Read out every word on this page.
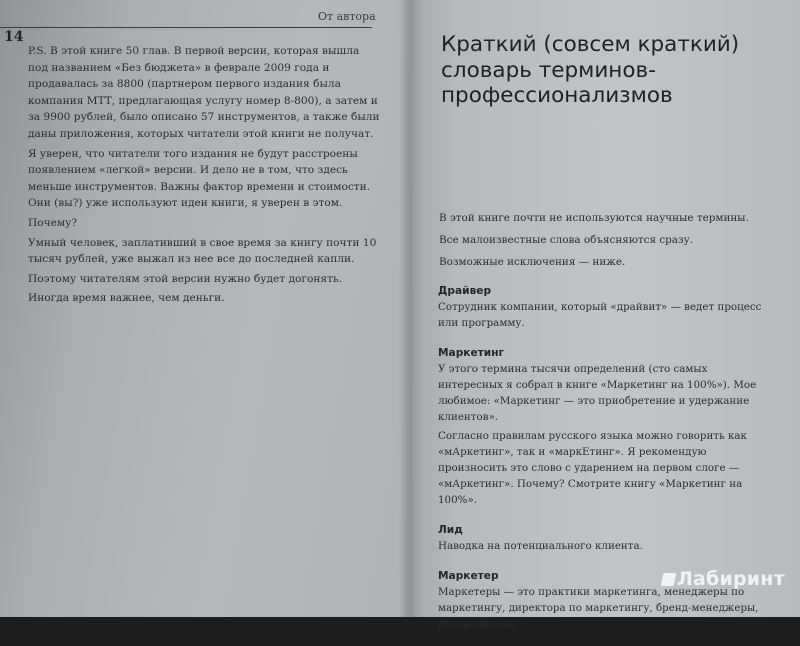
От автора
14

P.S. В этой книге 50 глав. В первой версии, которая вышла под названием «Без бюджета» в феврале 2009 года и продавалась за 8800 (партнером первого издания была компания МТТ, предлагающая услугу номер 8-800), а затем и за 9900 рублей, было описано 57 инструментов, а также были даны приложения, которых читатели этой книги не получат.

Я уверен, что читатели того издания не будут расстроены появлением «легкой» версии. И дело не в том, что здесь меньше инструментов. Важны фактор времени и стоимости. Они (вы?) уже используют идеи книги, я уверен в этом.

Почему?

Умный человек, заплативший в свое время за книгу почти 10 тысяч рублей, уже выжал из нее все до последней капли.

Поэтому читателям этой версии нужно будет догонять.

Иногда время важнее, чем деньги.

Краткий (совсем краткий)
словарь терминов-
профессионализмов

В этой книге почти не используются научные термины.

Все малоизвестные слова объясняются сразу.

Возможные исключения — ниже.

Драйвер

Сотрудник компании, который «драйвит» — ведет процесс или программу.

Маркетинг

У этого термина тысячи определений (сто самых интересных я собрал в книге «Маркетинг на 100%»). Мое любимое: «Маркетинг — это приобретение и удержание клиентов».

Согласно правилам русского языка можно говорить как «мАркетинг», так и «маркЕтинг». Я рекомендую произносить это слово с ударением на первом слоге — «мАркетинг». Почему? Смотрите книгу «Маркетинг на 100%».

Лид

Наводка на потенциального клиента.

Маркетер

Маркетеры — это практики маркетинга, менеджеры по маркетингу, директора по маркетингу, бренд-менеджеры, руководители

Лабиринт
